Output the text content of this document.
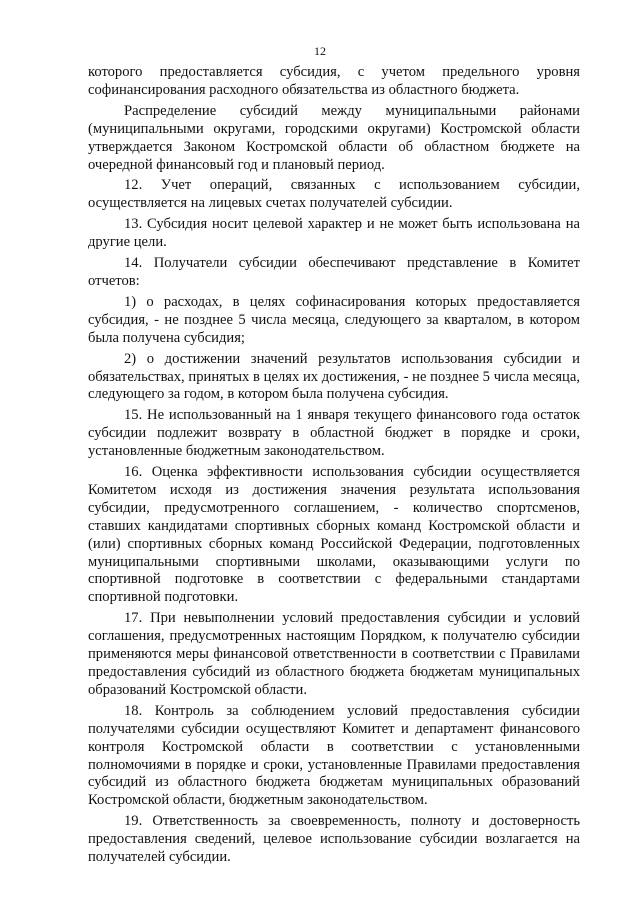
12

которого предоставляется субсидия, с учетом предельного уровня софинансирования расходного обязательства из областного бюджета.

Распределение субсидий между муниципальными районами (муниципальными округами, городскими округами) Костромской области утверждается Законом Костромской области об областном бюджете на очередной финансовый год и плановый период.

12. Учет операций, связанных с использованием субсидии, осуществляется на лицевых счетах получателей субсидии.

13. Субсидия носит целевой характер и не может быть использована на другие цели.

14. Получатели субсидии обеспечивают представление в Комитет отчетов:

1) о расходах, в целях софинасирования которых предоставляется субсидия, - не позднее 5 числа месяца, следующего за кварталом, в котором была получена субсидия;

2) о достижении значений результатов использования субсидии и обязательствах, принятых в целях их достижения, - не позднее 5 числа месяца, следующего за годом, в котором была получена субсидия.

15. Не использованный на 1 января текущего финансового года остаток субсидии подлежит возврату в областной бюджет в порядке и сроки, установленные бюджетным законодательством.

16. Оценка эффективности использования субсидии осуществляется Комитетом исходя из достижения значения результата использования субсидии, предусмотренного соглашением, - количество спортсменов, ставших кандидатами спортивных сборных команд Костромской области и (или) спортивных сборных команд Российской Федерации, подготовленных муниципальными спортивными школами, оказывающими услуги по спортивной подготовке в соответствии с федеральными стандартами спортивной подготовки.

17. При невыполнении условий предоставления субсидии и условий соглашения, предусмотренных настоящим Порядком, к получателю субсидии применяются меры финансовой ответственности в соответствии с Правилами предоставления субсидий из областного бюджета бюджетам муниципальных образований Костромской области.

18. Контроль за соблюдением условий предоставления субсидии получателями субсидии осуществляют Комитет и департамент финансового контроля Костромской области в соответствии с установленными полномочиями в порядке и сроки, установленные Правилами предоставления субсидий из областного бюджета бюджетам муниципальных образований Костромской области, бюджетным законодательством.

19. Ответственность за своевременность, полноту и достоверность предоставления сведений, целевое использование субсидии возлагается на получателей субсидии.
